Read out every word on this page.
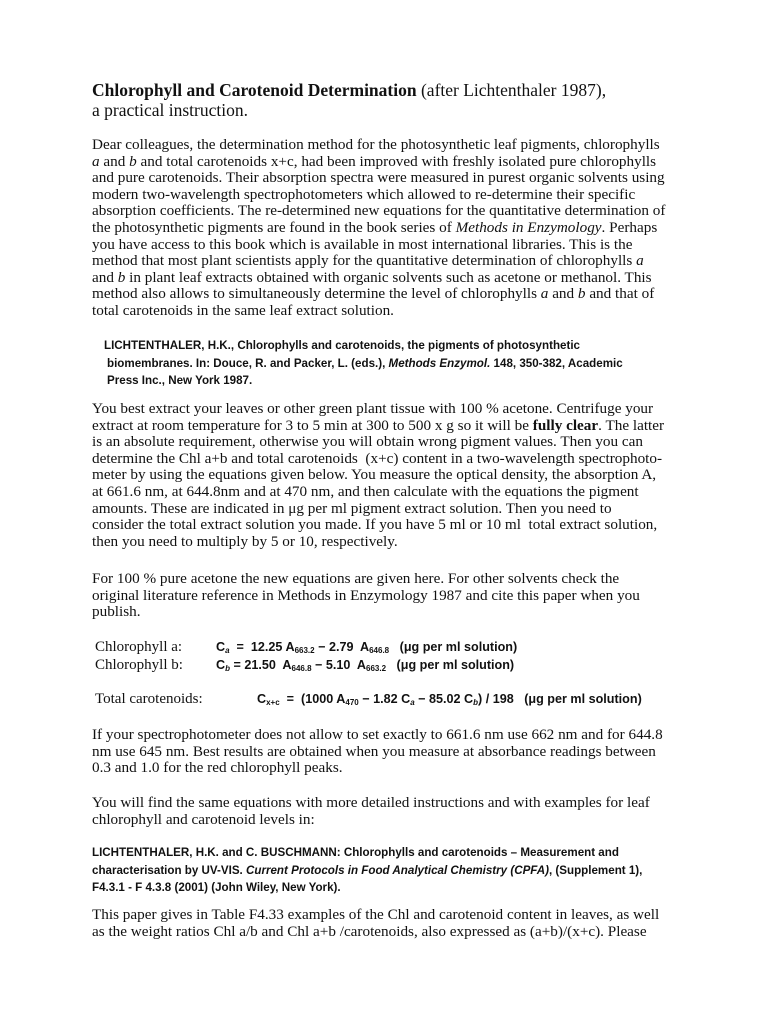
Chlorophyll and Carotenoid Determination (after Lichtenthaler 1987),
a practical instruction.
Dear colleagues, the determination method for the photosynthetic leaf pigments, chlorophylls
a and b and total carotenoids x+c, had been improved with freshly isolated pure chlorophylls
and pure carotenoids. Their absorption spectra were measured in purest organic solvents using
modern two-wavelength spectrophotometers which allowed to re-determine their specific
absorption coefficients. The re-determined new equations for the quantitative determination of
the photosynthetic pigments are found in the book series of Methods in Enzymology. Perhaps
you have access to this book which is available in most international libraries. This is the
method that most plant scientists apply for the quantitative determination of chlorophylls a
and b in plant leaf extracts obtained with organic solvents such as acetone or methanol. This
method also allows to simultaneously determine the level of chlorophylls a and b and that of
total carotenoids in the same leaf extract solution.
LICHTENTHALER, H.K., Chlorophylls and carotenoids, the pigments of photosynthetic
biomembranes. In: Douce, R. and Packer, L. (eds.), Methods Enzymol. 148, 350-382, Academic
Press Inc., New York 1987.
You best extract your leaves or other green plant tissue with 100 % acetone. Centrifuge your
extract at room temperature for 3 to 5 min at 300 to 500 x g so it will be fully clear. The latter
is an absolute requirement, otherwise you will obtain wrong pigment values. Then you can
determine the Chl a+b and total carotenoids  (x+c) content in a two-wavelength spectrophoto-
meter by using the equations given below. You measure the optical density, the absorption A,
at 661.6 nm, at 644.8nm and at 470 nm, and then calculate with the equations the pigment
amounts. These are indicated in μg per ml pigment extract solution. Then you need to
consider the total extract solution you made. If you have 5 ml or 10 ml  total extract solution,
then you need to multiply by 5 or 10, respectively.
For 100 % pure acetone the new equations are given here. For other solvents check the
original literature reference in Methods in Enzymology 1987 and cite this paper when you
publish.
Chlorophyll a:	$C_a = 12.25$ $A_{663.2} - 2.79$  $A_{646.8}$   (μg per ml solution)
Chlorophyll b:	$C_b = 21.50$  $A_{646.8} - 5.10$  $A_{663.2}$   (μg per ml solution)
Total carotenoids:	$C_{x+c} = (1000$ $A_{470} - 1.82$ $C_a - 85.02$ $C_b) / 198$   (μg per ml solution)
If your spectrophotometer does not allow to set exactly to 661.6 nm use 662 nm and for 644.8
nm use 645 nm. Best results are obtained when you measure at absorbance readings between
0.3 and 1.0 for the red chlorophyll peaks.
You will find the same equations with more detailed instructions and with examples for leaf
chlorophyll and carotenoid levels in:
LICHTENTHALER, H.K. and C. BUSCHMANN: Chlorophylls and carotenoids – Measurement and
characterisation by UV-VIS. Current Protocols in Food Analytical Chemistry (CPFA), (Supplement 1),
F4.3.1 - F 4.3.8 (2001) (John Wiley, New York).
This paper gives in Table F4.33 examples of the Chl and carotenoid content in leaves, as well
as the weight ratios Chl a/b and Chl a+b /carotenoids, also expressed as (a+b)/(x+c). Please
